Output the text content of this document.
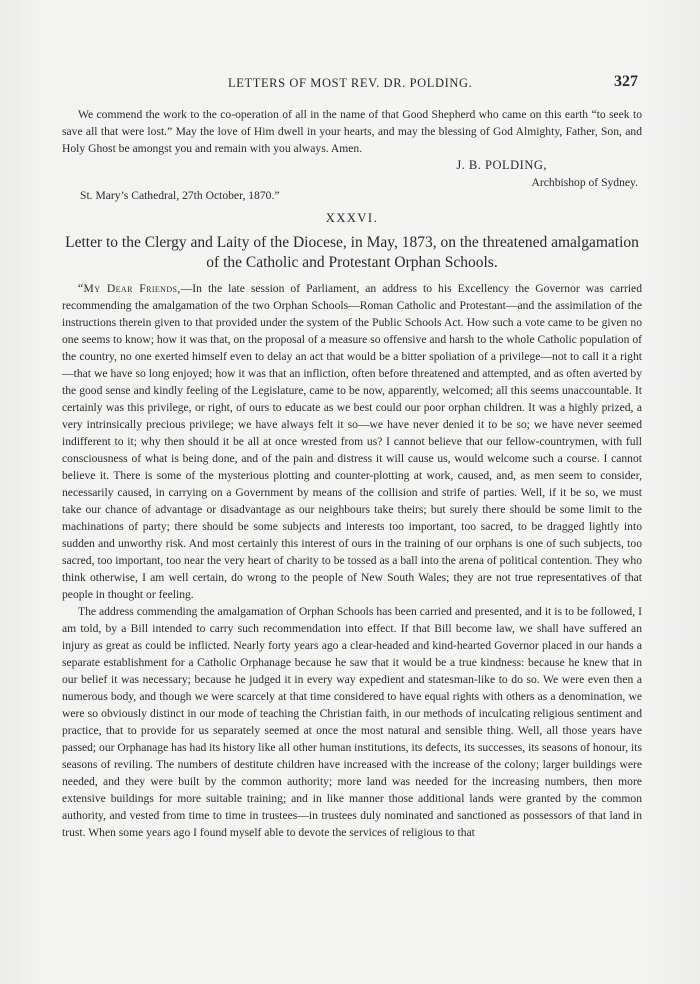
LETTERS OF MOST REV. DR. POLDING.	327

We commend the work to the co-operation of all in the name of that Good Shepherd who came on this earth “to seek to save all that were lost.” May the love of Him dwell in your hearts, and may the blessing of God Almighty, Father, Son, and Holy Ghost be amongst you and remain with you always. Amen.

J. B. POLDING,

Archbishop of Sydney.

St. Mary’s Cathedral, 27th October, 1870.”

XXXVI.

Letter to the Clergy and Laity of the Diocese, in May, 1873, on the threatened amalgamation of the Catholic and Protestant Orphan Schools.

“My Dear Friends,—In the late session of Parliament, an address to his Excellency the Governor was carried recommending the amalgamation of the two Orphan Schools—Roman Catholic and Protestant—and the assimilation of the instructions therein given to that provided under the system of the Public Schools Act. How such a vote came to be given no one seems to know; how it was that, on the proposal of a measure so offensive and harsh to the whole Catholic population of the country, no one exerted himself even to delay an act that would be a bitter spoliation of a privilege—not to call it a right—that we have so long enjoyed; how it was that an infliction, often before threatened and attempted, and as often averted by the good sense and kindly feeling of the Legislature, came to be now, apparently, welcomed; all this seems unaccountable. It certainly was this privilege, or right, of ours to educate as we best could our poor orphan children. It was a highly prized, a very intrinsically precious privilege; we have always felt it so—we have never denied it to be so; we have never seemed indifferent to it; why then should it be all at once wrested from us? I cannot believe that our fellow-countrymen, with full consciousness of what is being done, and of the pain and distress it will cause us, would welcome such a course. I cannot believe it. There is some of the mysterious plotting and counter-plotting at work, caused, and, as men seem to consider, necessarily caused, in carrying on a Government by means of the collision and strife of parties. Well, if it be so, we must take our chance of advantage or disadvantage as our neighbours take theirs; but surely there should be some limit to the machinations of party; there should be some subjects and interests too important, too sacred, to be dragged lightly into sudden and unworthy risk. And most certainly this interest of ours in the training of our orphans is one of such subjects, too sacred, too important, too near the very heart of charity to be tossed as a ball into the arena of political contention. They who think otherwise, I am well certain, do wrong to the people of New South Wales; they are not true representatives of that people in thought or feeling.

The address commending the amalgamation of Orphan Schools has been carried and presented, and it is to be followed, I am told, by a Bill intended to carry such recommendation into effect. If that Bill become law, we shall have suffered an injury as great as could be inflicted. Nearly forty years ago a clear-headed and kind-hearted Governor placed in our hands a separate establishment for a Catholic Orphanage because he saw that it would be a true kindness: because he knew that in our belief it was necessary; because he judged it in every way expedient and statesman-like to do so. We were even then a numerous body, and though we were scarcely at that time considered to have equal rights with others as a denomination, we were so obviously distinct in our mode of teaching the Christian faith, in our methods of inculcating religious sentiment and practice, that to provide for us separately seemed at once the most natural and sensible thing. Well, all those years have passed; our Orphanage has had its history like all other human institutions, its defects, its successes, its seasons of honour, its seasons of reviling. The numbers of destitute children have increased with the increase of the colony; larger buildings were needed, and they were built by the common authority; more land was needed for the increasing numbers, then more extensive buildings for more suitable training; and in like manner those additional lands were granted by the common authority, and vested from time to time in trustees—in trustees duly nominated and sanctioned as possessors of that land in trust. When some years ago I found myself able to devote the services of religious to that
